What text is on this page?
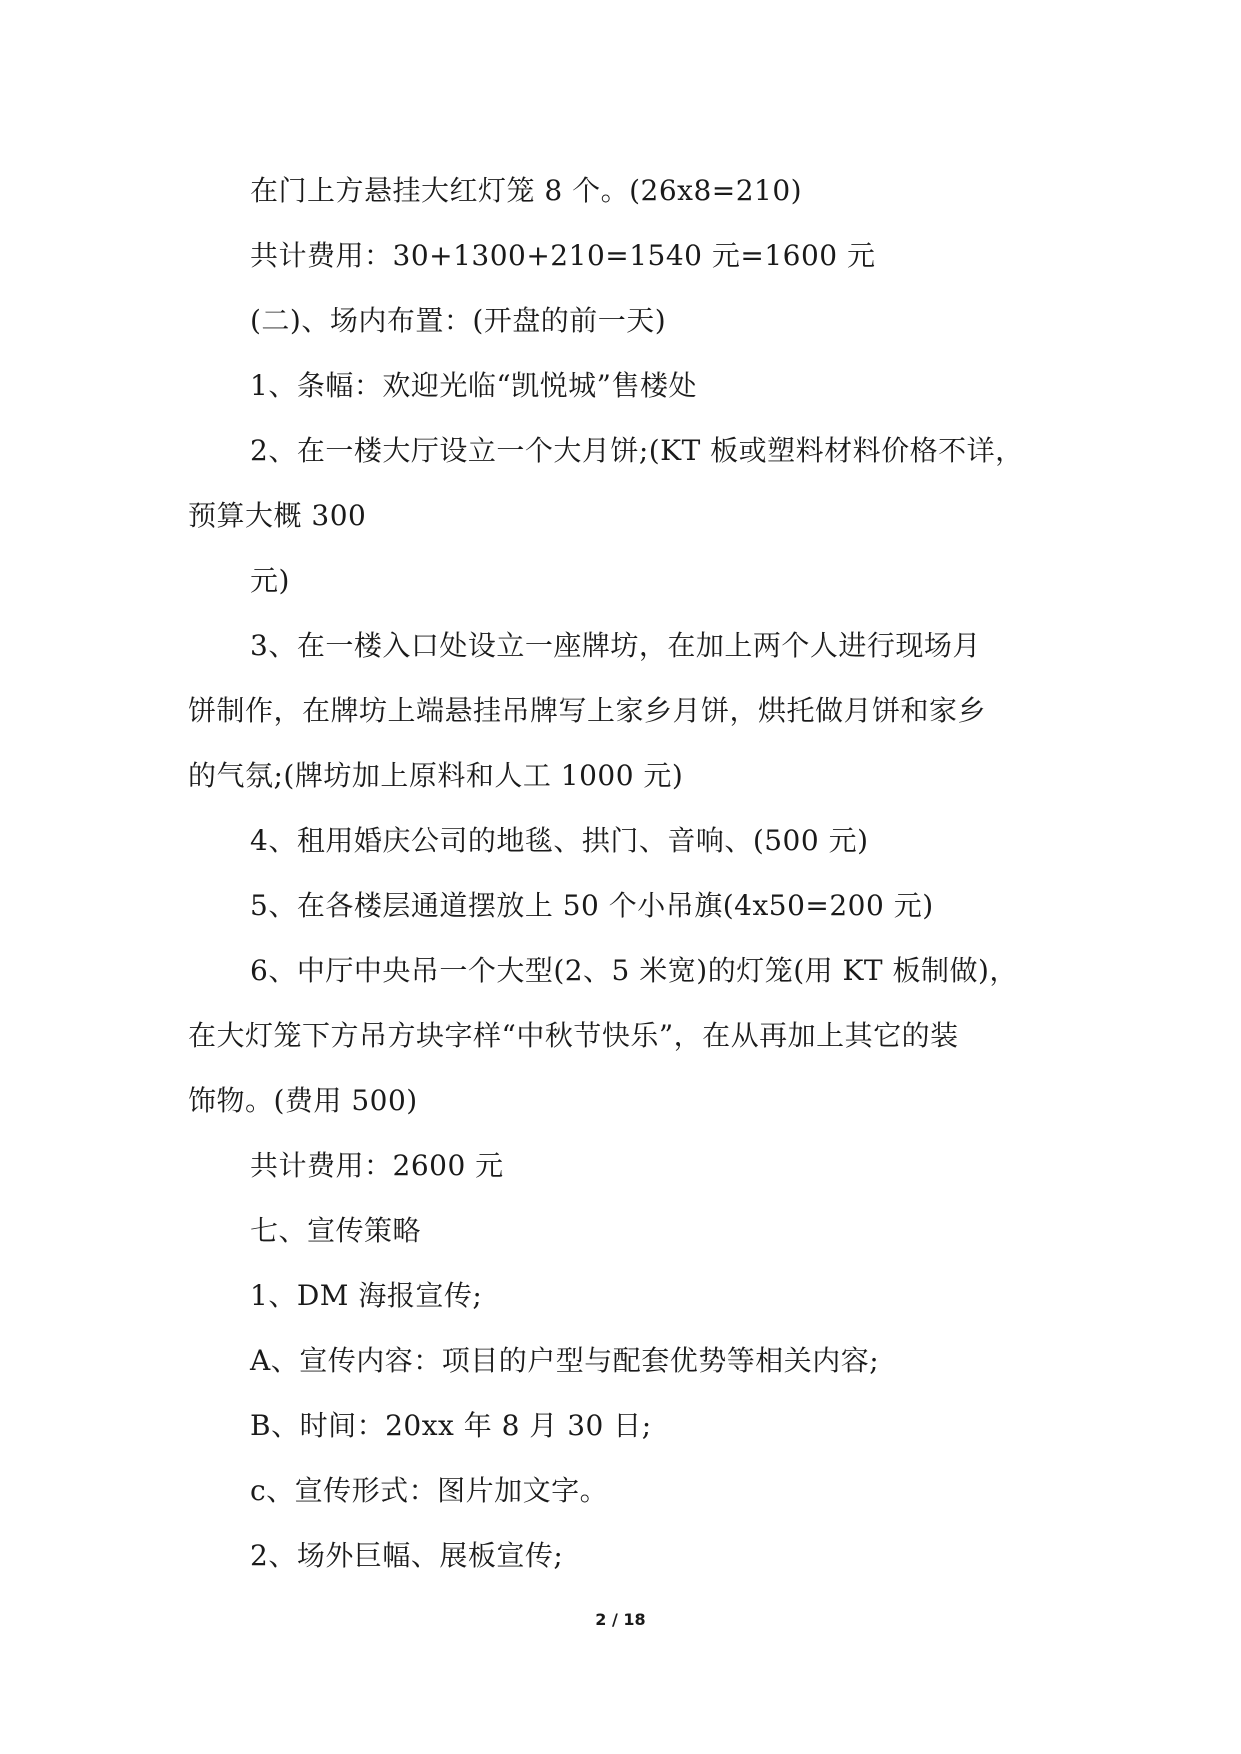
在门上方悬挂大红灯笼 8 个。(26x8=210)
共计费用：30+1300+210=1540 元=1600 元
(二)、场内布置：(开盘的前一天)
1、条幅：欢迎光临“凯悦城”售楼处
2、在一楼大厅设立一个大月饼;(KT 板或塑料材料价格不详，
预算大概 300
元)
3、在一楼入口处设立一座牌坊，在加上两个人进行现场月
饼制作，在牌坊上端悬挂吊牌写上家乡月饼，烘托做月饼和家乡
的气氛;(牌坊加上原料和人工 1000 元)
4、租用婚庆公司的地毯、拱门、音响、(500 元)
5、在各楼层通道摆放上 50 个小吊旗(4x50=200 元)
6、中厅中央吊一个大型(2、5 米宽)的灯笼(用 KT 板制做)，
在大灯笼下方吊方块字样“中秋节快乐”，在从再加上其它的装
饰物。(费用 500)
共计费用：2600 元
七、宣传策略
1、DM 海报宣传;
A、宣传内容：项目的户型与配套优势等相关内容;
B、时间：20xx 年 8 月 30 日;
c、宣传形式：图片加文字。
2、场外巨幅、展板宣传;
2 / 18
